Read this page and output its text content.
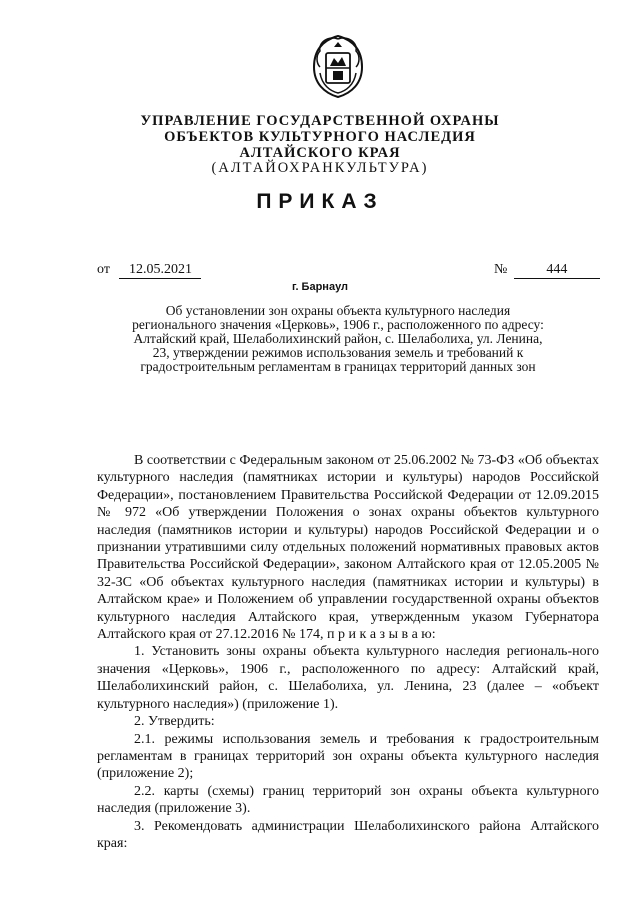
УПРАВЛЕНИЕ ГОСУДАРСТВЕННОЙ ОХРАНЫ
ОБЪЕКТОВ КУЛЬТУРНОГО НАСЛЕДИЯ
АЛТАЙСКОГО КРАЯ
(АЛТАЙОХРАНКУЛЬТУРА)
ПРИКАЗ
от 12.05.2021	№	444
г. Барнаул
Об установлении зон охраны объекта культурного наследия регионального значения «Церковь», 1906 г., расположенного по адресу: Алтайский край, Шелаболихинский район, с. Шелаболиха, ул. Ленина, 23, утверждении режимов использования земель и требований к градостроительным регламентам в границах территорий данных зон

В соответствии с Федеральным законом от 25.06.2002 № 73-ФЗ «Об объектах культурного наследия (памятниках истории и культуры) народов Российской Федерации», постановлением Правительства Российской Федерации от 12.09.2015 № 972 «Об утверждении Положения о зонах охраны объектов культурного наследия (памятников истории и культуры) народов Российской Федерации и о признании утратившими силу отдельных положений нормативных правовых актов Правительства Российской Федерации», законом Алтайского края от 12.05.2005 № 32-ЗС «Об объектах культурного наследия (памятниках истории и культуры) в Алтайском крае» и Положением об управлении государственной охраны объектов культурного наследия Алтайского края, утвержденным указом Губернатора Алтайского края от 27.12.2016 № 174, п р и к а з ы в а ю:

1. Установить зоны охраны объекта культурного наследия региональ-ного значения «Церковь», 1906 г., расположенного по адресу: Алтайский край, Шелаболихинский район, с. Шелаболиха, ул. Ленина, 23 (далее – «объект культурного наследия») (приложение 1).

2. Утвердить:

2.1. режимы использования земель и требования к градостроительным регламентам в границах территорий зон охраны объекта культурного наследия (приложение 2);

2.2. карты (схемы) границ территорий зон охраны объекта культурного наследия (приложение 3).

3. Рекомендовать администрации Шелаболихинского района Алтайского края:
